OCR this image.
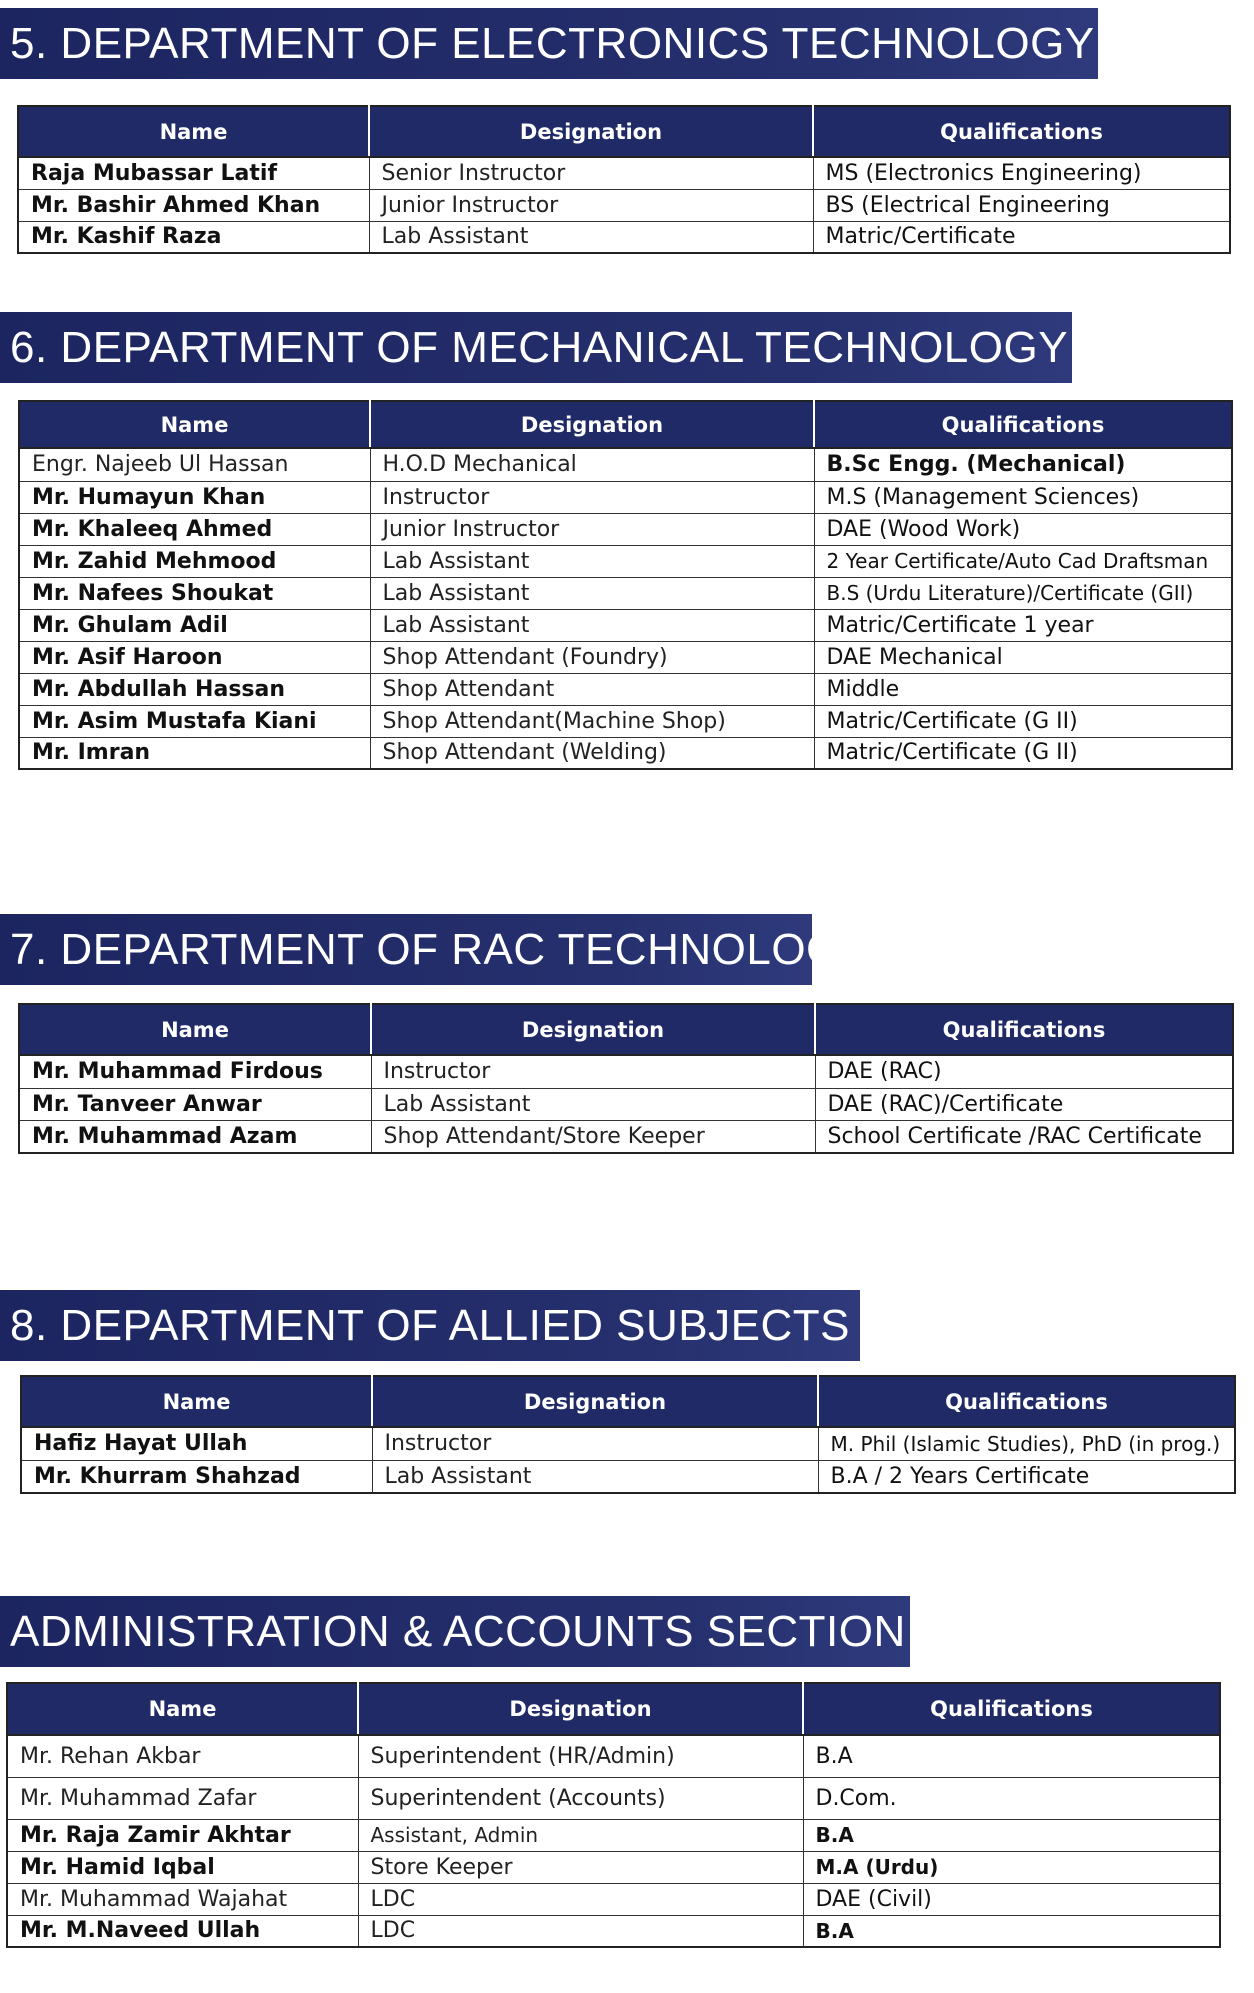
5. DEPARTMENT OF ELECTRONICS TECHNOLOGY
Name	Designation	Qualifications
Raja Mubassar Latif	Senior Instructor	MS (Electronics Engineering)
Mr. Bashir Ahmed Khan	Junior Instructor	BS (Electrical Engineering
Mr. Kashif Raza	Lab Assistant	Matric/Certificate
6. DEPARTMENT OF MECHANICAL TECHNOLOGY
Name	Designation	Qualifications
Engr. Najeeb Ul Hassan	H.O.D Mechanical	B.Sc Engg. (Mechanical)
Mr. Humayun Khan	Instructor	M.S (Management Sciences)
Mr. Khaleeq Ahmed	Junior Instructor	DAE (Wood Work)
Mr. Zahid Mehmood	Lab Assistant	2 Year Certificate/Auto Cad Draftsman
Mr. Nafees Shoukat	Lab Assistant	B.S (Urdu Literature)/Certificate (GII)
Mr. Ghulam Adil	Lab Assistant	Matric/Certificate 1 year
Mr. Asif Haroon	Shop Attendant (Foundry)	DAE Mechanical
Mr. Abdullah Hassan	Shop Attendant	Middle
Mr. Asim Mustafa Kiani	Shop Attendant(Machine Shop)	Matric/Certificate (G II)
Mr. Imran	Shop Attendant (Welding)	Matric/Certificate (G II)
7. DEPARTMENT OF RAC TECHNOLOGY
Name	Designation	Qualifications
Mr. Muhammad Firdous	Instructor	DAE (RAC)
Mr. Tanveer Anwar	Lab Assistant	DAE (RAC)/Certificate
Mr. Muhammad Azam	Shop Attendant/Store Keeper	School Certificate /RAC Certificate
8. DEPARTMENT OF ALLIED SUBJECTS
Name	Designation	Qualifications
Hafiz Hayat Ullah	Instructor	M. Phil (Islamic Studies), PhD (in prog.)
Mr. Khurram Shahzad	Lab Assistant	B.A / 2 Years Certificate
ADMINISTRATION & ACCOUNTS SECTION
Name	Designation	Qualifications
Mr. Rehan Akbar	Superintendent (HR/Admin)	B.A
Mr. Muhammad Zafar	Superintendent (Accounts)	D.Com.
Mr. Raja Zamir Akhtar	Assistant, Admin	B.A
Mr. Hamid Iqbal	Store Keeper	M.A (Urdu)
Mr. Muhammad Wajahat	LDC	DAE (Civil)
Mr. M.Naveed Ullah	LDC	B.A
